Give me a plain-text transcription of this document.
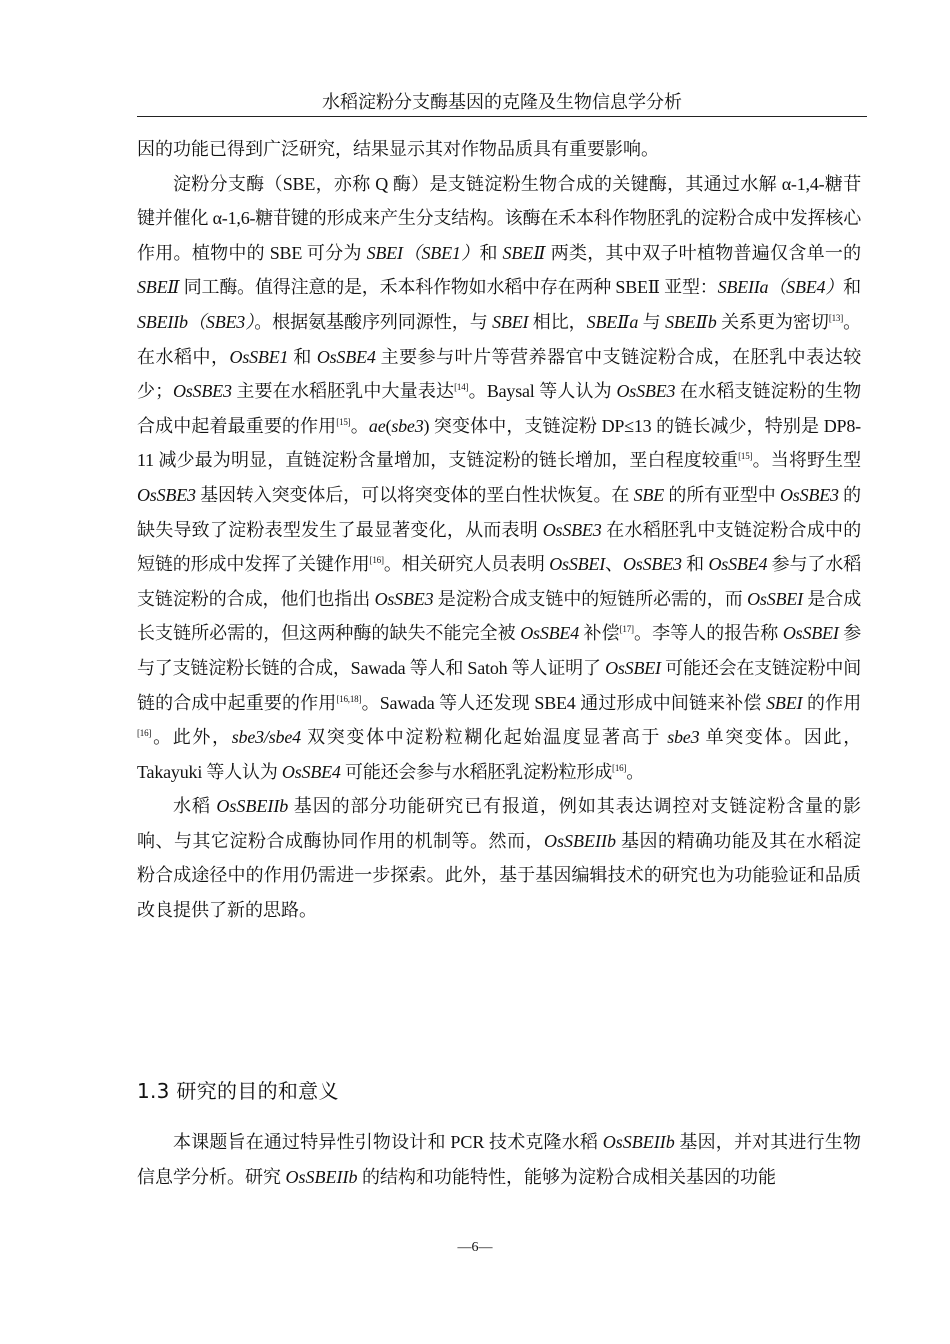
水稻淀粉分支酶基因的克隆及生物信息学分析

因的功能已得到广泛研究，结果显示其对作物品质具有重要影响。

淀粉分支酶（SBE，亦称 Q 酶）是支链淀粉生物合成的关键酶，其通过水解 α-1,4-糖苷键并催化 α-1,6-糖苷键的形成来产生分支结构。该酶在禾本科作物胚乳的淀粉合成中发挥核心作用。植物中的 SBE 可分为 SBEI（SBE1）和 SBEⅡ 两类，其中双子叶植物普遍仅含单一的 SBEⅡ 同工酶。值得注意的是，禾本科作物如水稻中存在两种 SBEⅡ 亚型：SBEIIa（SBE4）和 SBEIIb（SBE3）。根据氨基酸序列同源性，与 SBEI 相比，SBEⅡa 与 SBEⅡb 关系更为密切[13]。在水稻中，OsSBE1 和 OsSBE4 主要参与叶片等营养器官中支链淀粉合成，在胚乳中表达较少；OsSBE3 主要在水稻胚乳中大量表达[14]。Baysal 等人认为 OsSBE3 在水稻支链淀粉的生物合成中起着最重要的作用[15]。ae(sbe3) 突变体中，支链淀粉 DP≤13 的链长减少，特别是 DP8-11 减少最为明显，直链淀粉含量增加，支链淀粉的链长增加，垩白程度较重[15]。当将野生型 OsSBE3 基因转入突变体后，可以将突变体的垩白性状恢复。在 SBE 的所有亚型中 OsSBE3 的缺失导致了淀粉表型发生了最显著变化，从而表明 OsSBE3 在水稻胚乳中支链淀粉合成中的短链的形成中发挥了关键作用[16]。相关研究人员表明 OsSBEI、OsSBE3 和 OsSBE4 参与了水稻支链淀粉的合成，他们也指出 OsSBE3 是淀粉合成支链中的短链所必需的，而 OsSBEI 是合成长支链所必需的，但这两种酶的缺失不能完全被 OsSBE4 补偿[17]。李等人的报告称 OsSBEI 参与了支链淀粉长链的合成，Sawada 等人和 Satoh 等人证明了 OsSBEI 可能还会在支链淀粉中间链的合成中起重要的作用[16,18]。Sawada 等人还发现 SBE4 通过形成中间链来补偿 SBEI 的作用[16]。此外，sbe3/sbe4 双突变体中淀粉粒糊化起始温度显著高于 sbe3 单突变体。因此，Takayuki 等人认为 OsSBE4 可能还会参与水稻胚乳淀粉粒形成[16]。

水稻 OsSBEIIb 基因的部分功能研究已有报道，例如其表达调控对支链淀粉含量的影响、与其它淀粉合成酶协同作用的机制等。然而，OsSBEIIb 基因的精确功能及其在水稻淀粉合成途径中的作用仍需进一步探索。此外，基于基因编辑技术的研究也为功能验证和品质改良提供了新的思路。

1.3 研究的目的和意义

本课题旨在通过特异性引物设计和 PCR 技术克隆水稻 OsSBEIIb 基因，并对其进行生物信息学分析。研究 OsSBEIIb 的结构和功能特性，能够为淀粉合成相关基因的功能

—6—
